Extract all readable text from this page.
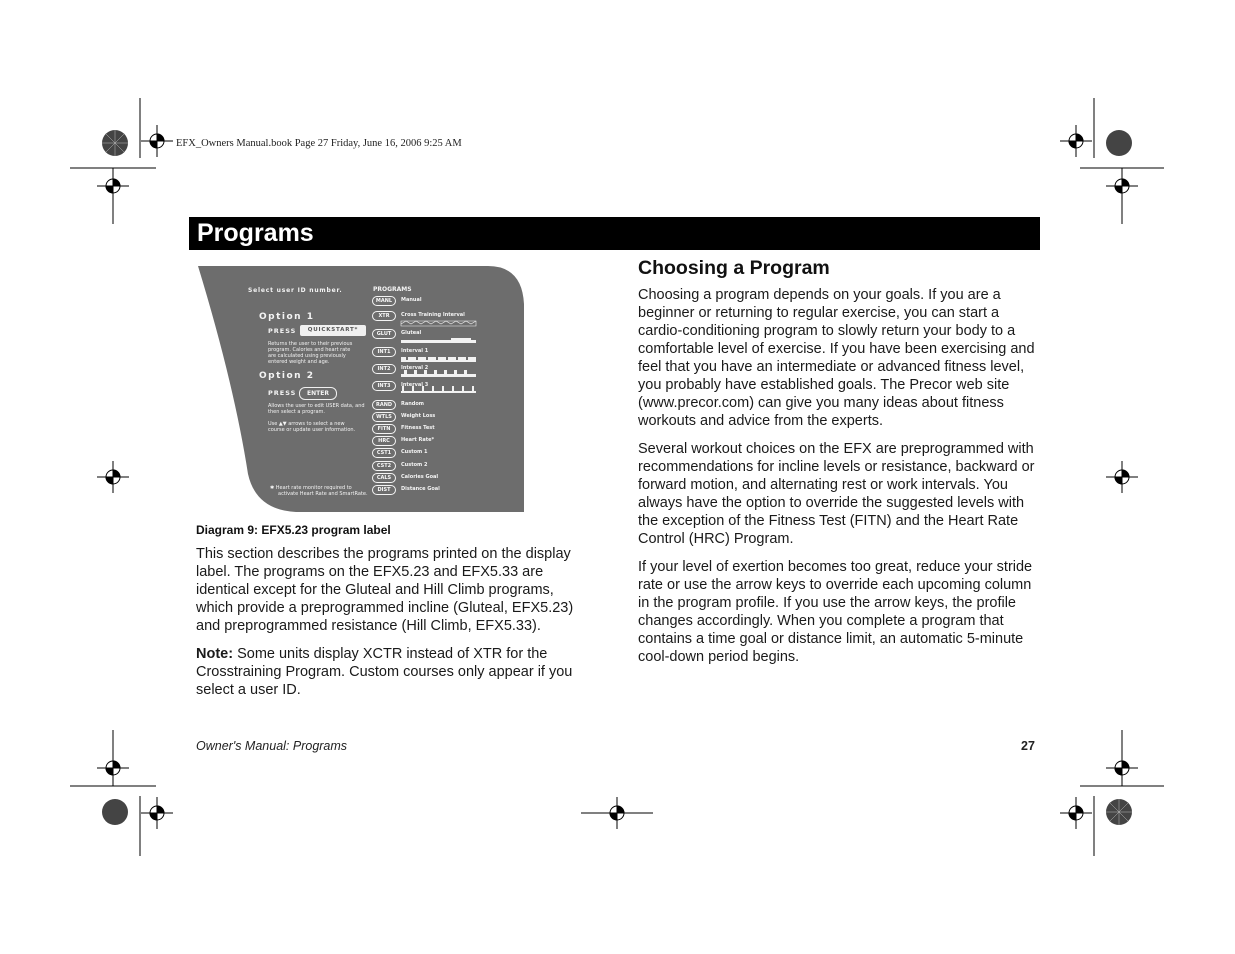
EFX_Owners Manual.book Page 27 Friday, June 16, 2006 9:25 AM
Programs
Select user ID number.
Option 1
PRESS	QUICKSTART*
Returns the user to their previous
program. Calories and heart rate
are calculated using previously
entered weight and age.
Option 2
PRESS	ENTER
Allows the user to edit USER data, and
then select a program.
Use ▲▼ arrows to select a new
course or update user information.
✱ Heart rate monitor required to
activate Heart Rate and SmartRate.
PROGRAMS
MANL	Manual
XTR	Cross Training Interval
GLUT	Gluteal
INT1	Interval 1
INT2	Interval 2
INT3	Interval 3
RAND	Random
WTLS	Weight Loss
FITN	Fitness Test
HRC	Heart Rate*
CST1	Custom 1
CST2	Custom 2
CALS	Calories Goal
DIST	Distance Goal
Diagram 9: EFX5.23 program label

This section describes the programs printed on the display label. The programs on the EFX5.23 and EFX5.33 are identical except for the Gluteal and Hill Climb programs, which provide a preprogrammed incline (Gluteal, EFX5.23) and preprogrammed resistance (Hill Climb, EFX5.33).

Note: Some units display XCTR instead of XTR for the Crosstraining Program. Custom courses only appear if you select a user ID.

Choosing a Program

Choosing a program depends on your goals. If you are a beginner or returning to regular exercise, you can start a cardio-conditioning program to slowly return your body to a comfortable level of exercise. If you have been exercising and feel that you have an intermediate or advanced fitness level, you probably have established goals. The Precor web site (www.precor.com) can give you many ideas about fitness workouts and advice from the experts.

Several workout choices on the EFX are preprogrammed with recommendations for incline levels or resistance, backward or forward motion, and alternating rest or work intervals. You always have the option to override the suggested levels with the exception of the Fitness Test (FITN) and the Heart Rate Control (HRC) Program.

If your level of exertion becomes too great, reduce your stride rate or use the arrow keys to override each upcoming column in the program profile. If you use the arrow keys, the profile changes accordingly. When you complete a program that contains a time goal or distance limit, an automatic 5-minute cool-down period begins.

Owner's Manual: Programs	27
